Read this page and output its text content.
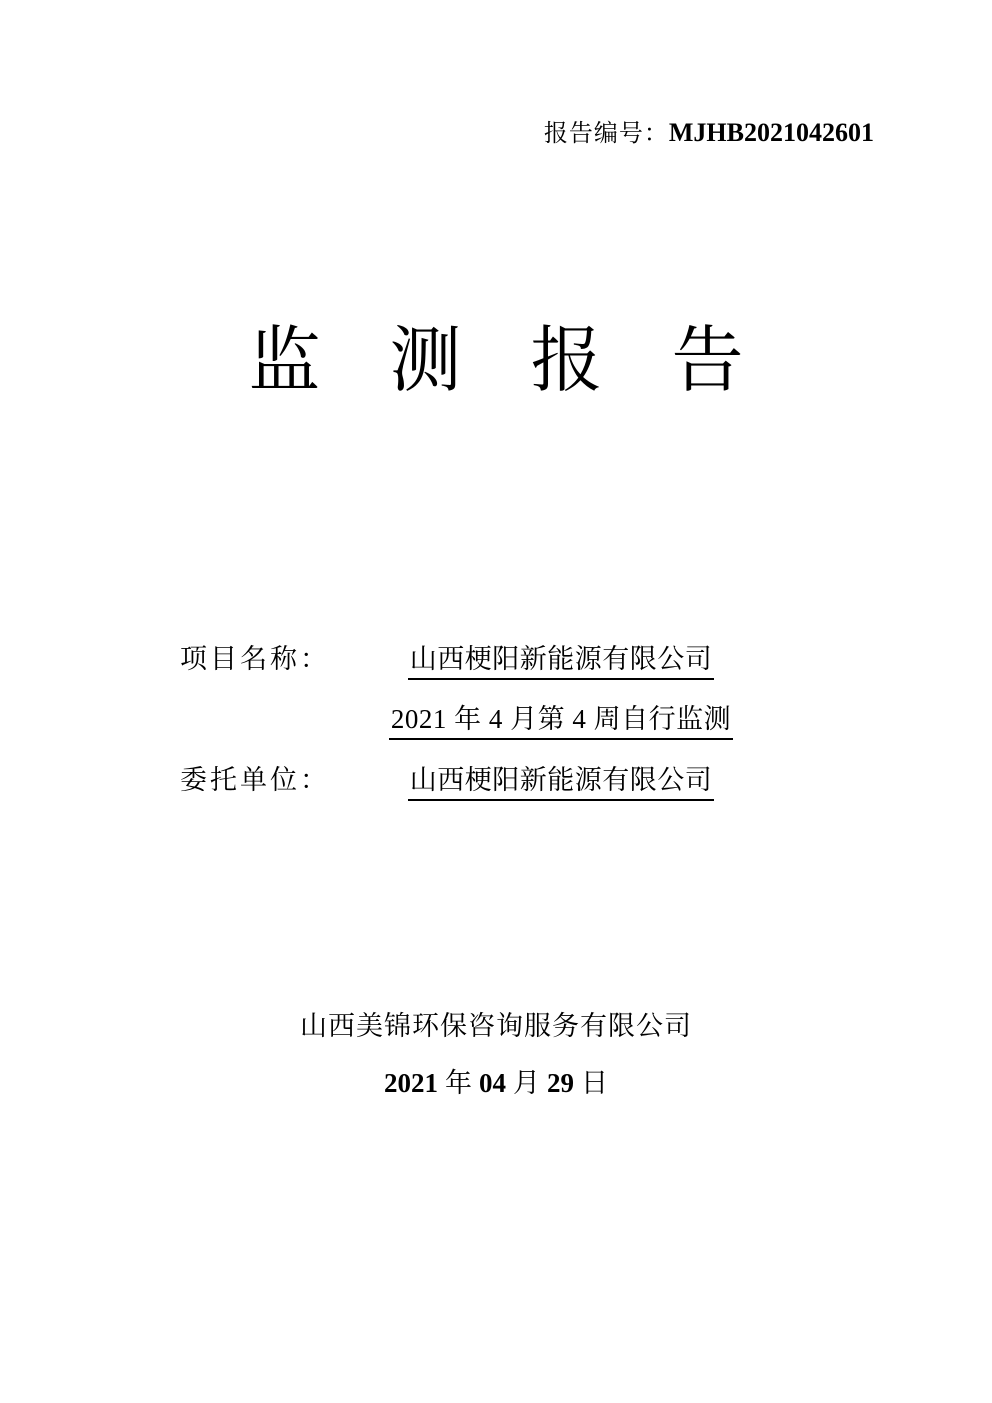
报告编号：MJHB2021042601
监测报告
项目名称：	山西梗阳新能源有限公司
2021 年 4 月第 4 周自行监测
委托单位：	山西梗阳新能源有限公司
山西美锦环保咨询服务有限公司
2021 年 04 月 29 日
